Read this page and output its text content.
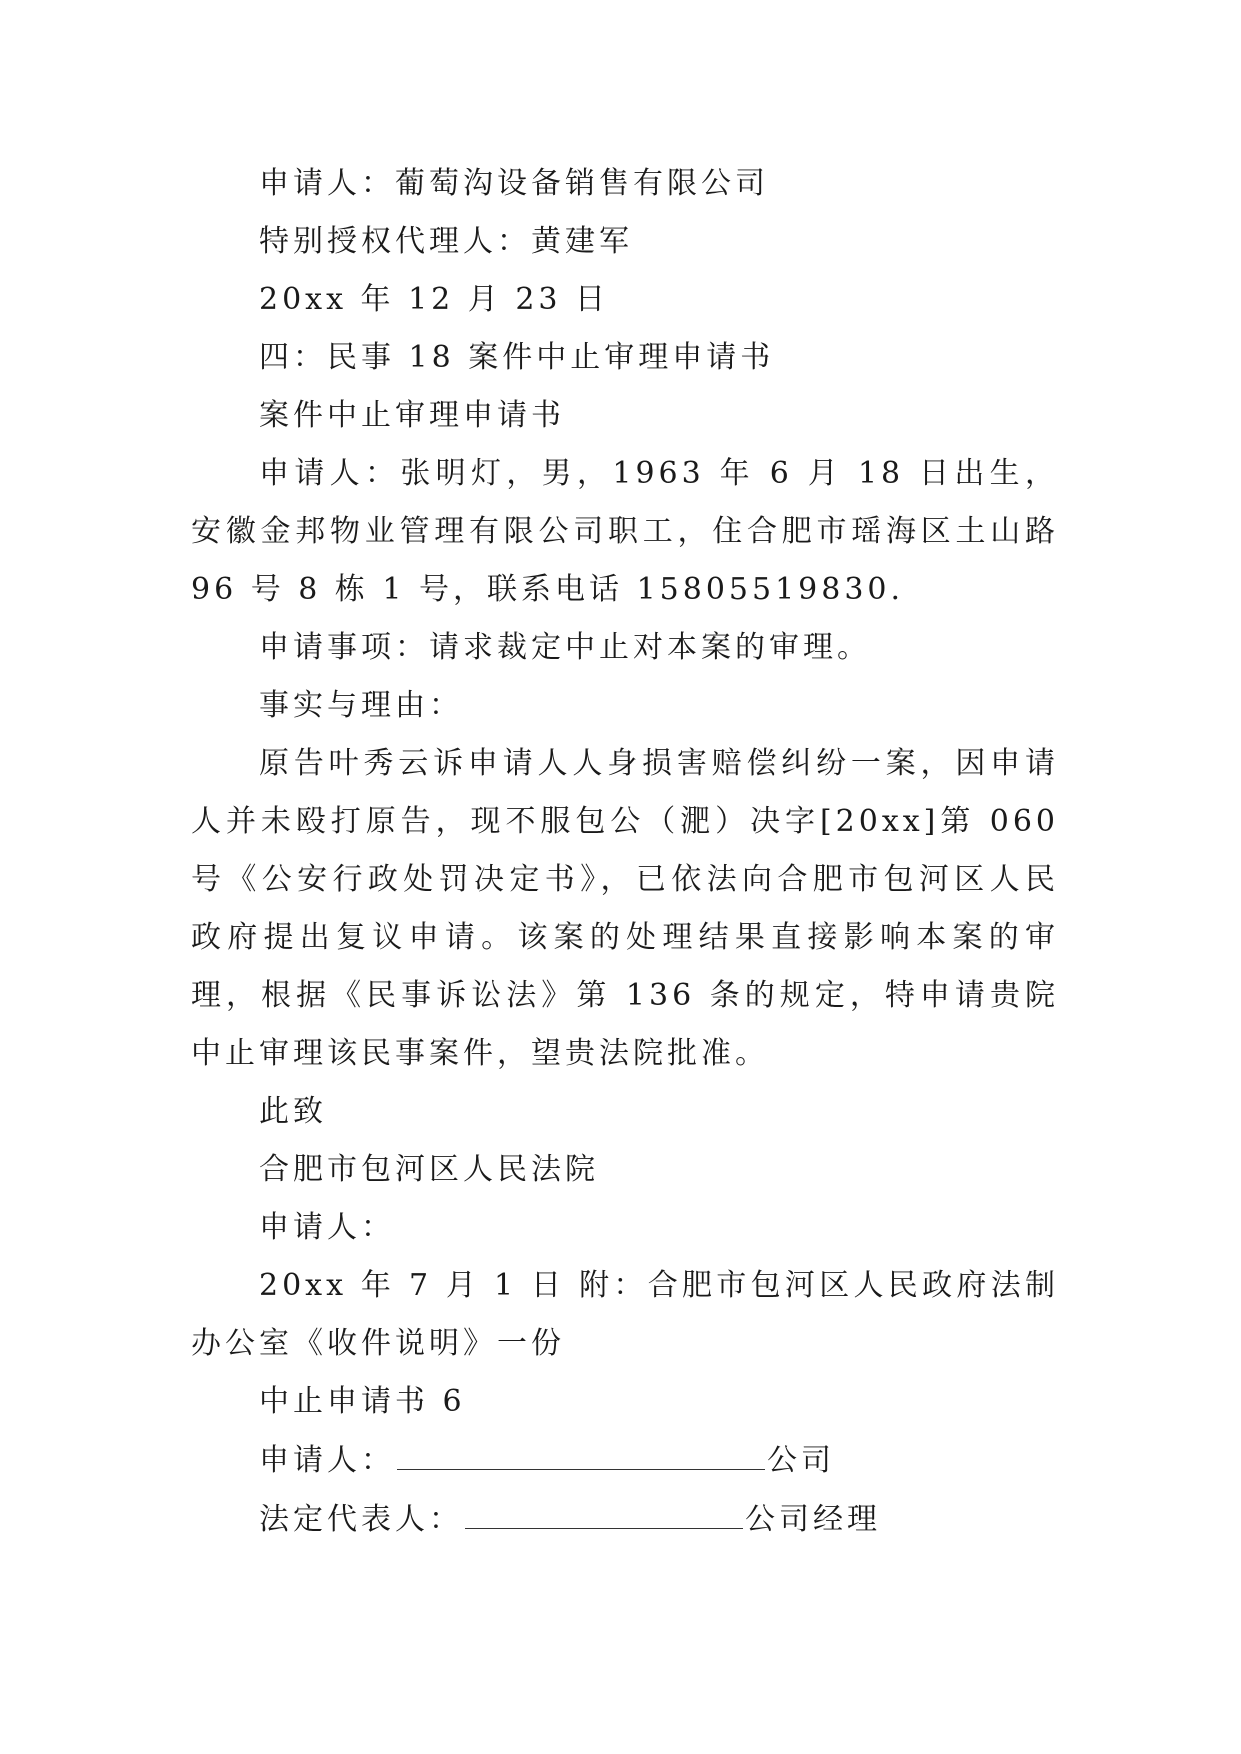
申请人：葡萄沟设备销售有限公司

特别授权代理人：黄建军

20xx 年 12 月 23 日

四：民事 18 案件中止审理申请书

案件中止审理申请书

申请人：张明灯，男，1963 年 6 月 18 日出生，安徽金邦物业管理有限公司职工，住合肥市瑶海区土山路 96 号 8 栋 1 号，联系电话 15805519830.

申请事项：请求裁定中止对本案的审理。

事实与理由：

原告叶秀云诉申请人人身损害赔偿纠纷一案，因申请人并未殴打原告，现不服包公（淝）决字[20xx]第 060 号《公安行政处罚决定书》，已依法向合肥市包河区人民政府提出复议申请。该案的处理结果直接影响本案的审理，根据《民事诉讼法》第 136 条的规定，特申请贵院中止审理该民事案件，望贵法院批准。

此致

合肥市包河区人民法院

申请人：

20xx 年 7 月 1 日 附：合肥市包河区人民政府法制办公室《收件说明》一份

中止申请书 6

申请人：	公司

法定代表人：	公司经理
